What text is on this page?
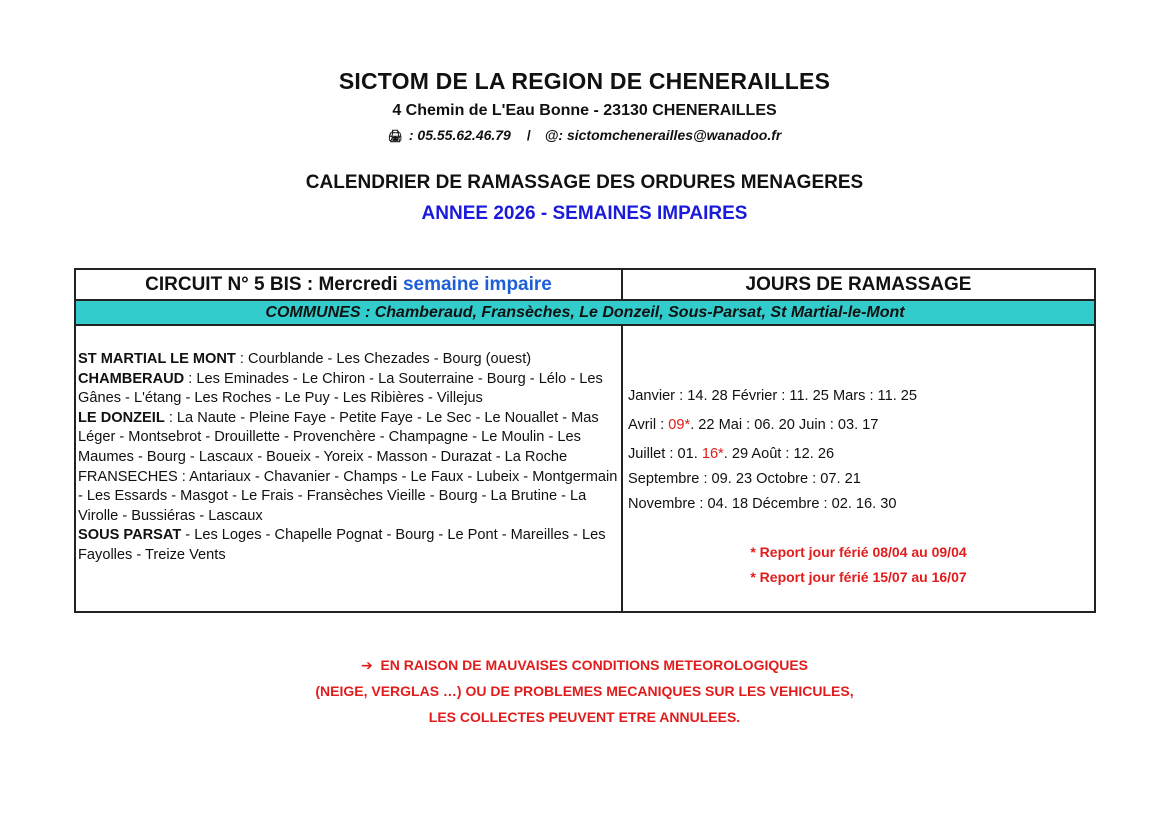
SICTOM DE LA REGION DE CHENERAILLES
4 Chemin de L'Eau Bonne - 23130 CHENERAILLES
🖨 : 05.55.62.46.79 / @: sictomchenerailles@wanadoo.fr
CALENDRIER DE RAMASSAGE DES ORDURES MENAGERES
ANNEE 2026 - SEMAINES IMPAIRES
CIRCUIT N° 5 BIS : Mercredi semaine impaire	JOURS DE RAMASSAGE
COMMUNES : Chamberaud, Fransèches, Le Donzeil, Sous-Parsat, St Martial-le-Mont
ST MARTIAL LE MONT : Courblande - Les Chezades - Bourg (ouest)
CHAMBERAUD : Les Eminades - Le Chiron - La Souterraine - Bourg - Lélo - Les Gânes - L'étang - Les Roches - Le Puy - Les Ribières - Villejus
LE DONZEIL : La Naute - Pleine Faye - Petite Faye - Le Sec - Le Nouallet - Mas Léger - Montsebrot - Drouillette - Provenchère - Champagne - Le Moulin - Les Maumes - Bourg - Lascaux - Boueix - Yoreix - Masson - Durazat - La Roche
FRANSECHES : Antariaux - Chavanier - Champs - Le Faux - Lubeix - Montgermain - Les Essards - Masgot - Le Frais - Fransèches Vieille - Bourg - La Brutine - La Virolle - Bussiéras - Lascaux
SOUS PARSAT - Les Loges - Chapelle Pognat - Bourg - Le Pont - Mareilles - Les Fayolles - Treize Vents
Janvier : 14. 28 Février : 11. 25 Mars : 11. 25
Avril : 09*. 22 Mai : 06. 20 Juin : 03. 17
Juillet : 01. 16*. 29 Août : 12. 26
Septembre : 09. 23 Octobre : 07. 21
Novembre : 04. 18 Décembre : 02. 16. 30
* Report jour férié 08/04 au 09/04
* Report jour férié 15/07 au 16/07
➔ EN RAISON DE MAUVAISES CONDITIONS METEOROLOGIQUES
(NEIGE, VERGLAS …) OU DE PROBLEMES MECANIQUES SUR LES VEHICULES,
LES COLLECTES PEUVENT ETRE ANNULEES.
